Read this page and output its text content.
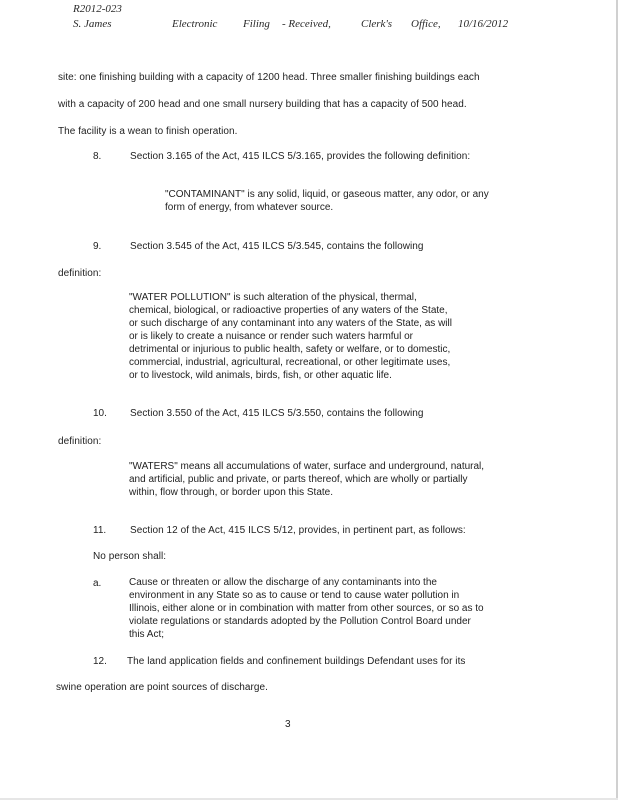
R2012-023
S. James	Electronic Filing - Received,	Clerk's Office, 10/16/2012
site: one finishing building with a capacity of 1200 head. Three smaller finishing buildings each
with a capacity of 200 head and one small nursery building that has a capacity of 500 head.
The facility is a wean to finish operation.
8.	Section 3.165 of the Act, 415 ILCS 5/3.165, provides the following definition:
"CONTAMINANT" is any solid, liquid, or gaseous matter, any odor, or any
form of energy, from whatever source.
9.	Section 3.545 of the Act, 415 ILCS 5/3.545, contains the following
definition:
"WATER POLLUTION" is such alteration of the physical, thermal,
chemical, biological, or radioactive properties of any waters of the State,
or such discharge of any contaminant into any waters of the State, as will
or is likely to create a nuisance or render such waters harmful or
detrimental or injurious to public health, safety or welfare, or to domestic,
commercial, industrial, agricultural, recreational, or other legitimate uses,
or to livestock, wild animals, birds, fish, or other aquatic life.
10. Section 3.550 of the Act, 415 ILCS 5/3.550, contains the following
definition:
"WATERS" means all accumulations of water, surface and underground, natural,
and artificial, public and private, or parts thereof, which are wholly or partially
within, flow through, or border upon this State.
11. Section 12 of the Act, 415 ILCS 5/12, provides, in pertinent part, as follows:
No person shall:
a.	Cause or threaten or allow the discharge of any contaminants into the
environment in any State so as to cause or tend to cause water pollution in
Illinois, either alone or in combination with matter from other sources, or so as to
violate regulations or standards adopted by the Pollution Control Board under
this Act;
12. The land application fields and confinement buildings Defendant uses for its
swine operation are point sources of discharge.
3
